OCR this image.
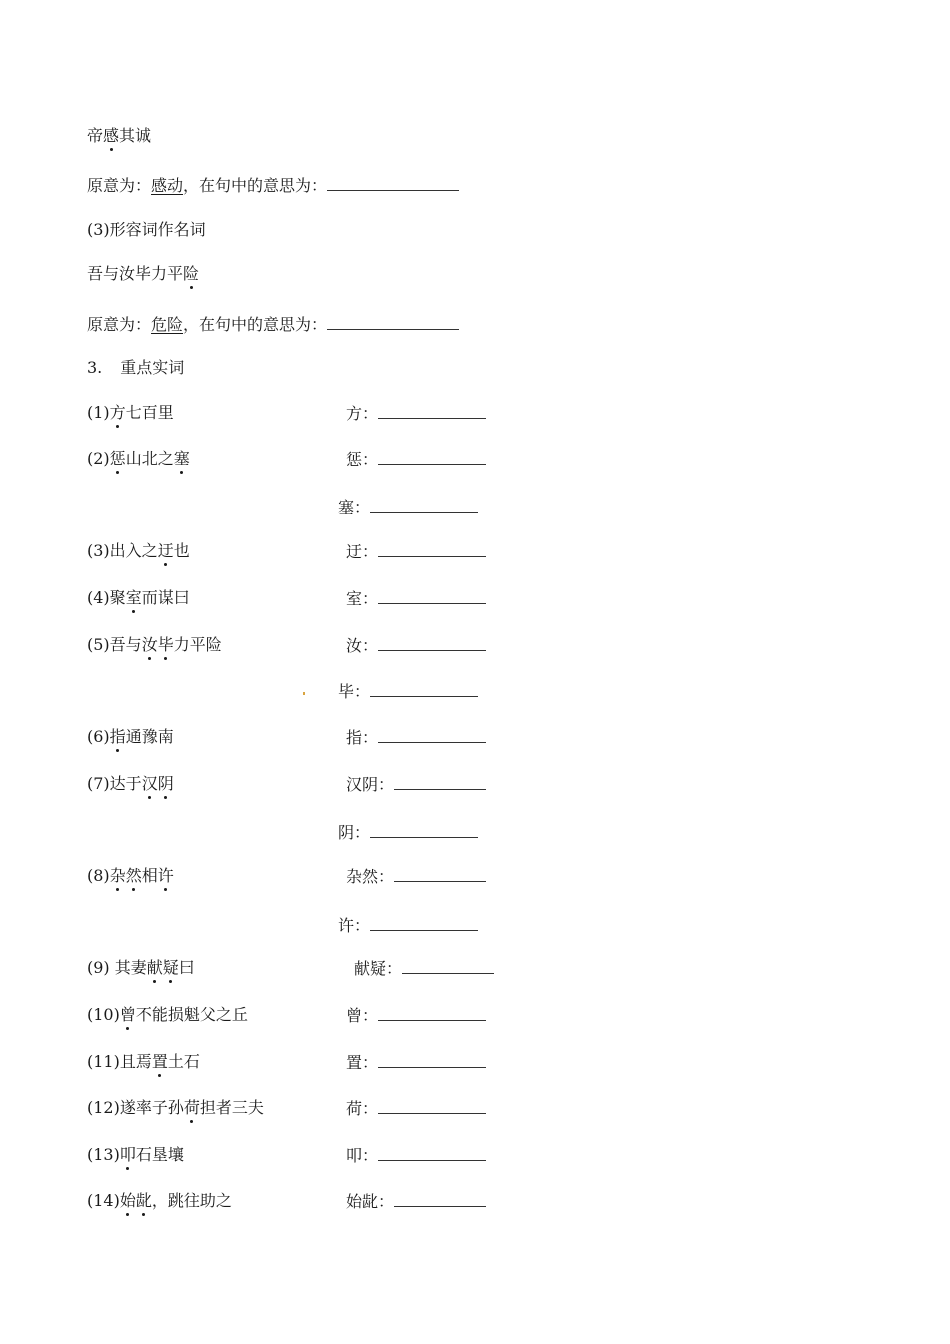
帝感其诚
原意为：感动，在句中的意思为：
(3)形容词作名词
吾与汝毕力平险
原意为：危险，在句中的意思为：
3. 重点实词
(1)方七百里	方：
(2)惩山北之塞	惩：
塞：
(3)出入之迂也	迂：
(4)聚室而谋曰	室：
(5)吾与汝毕力平险	汝：
毕：
(6)指通豫南	指：
(7)达于汉阴	汉阴：
阴：
(8)杂然相许	杂然：
许：
(9) 其妻献疑曰	献疑：
(10)曾不能损魁父之丘	曾：
(11)且焉置土石	置：
(12)遂率子孙荷担者三夫	荷：
(13)叩石垦壤	叩：
(14)始龀，跳往助之	始龀：
